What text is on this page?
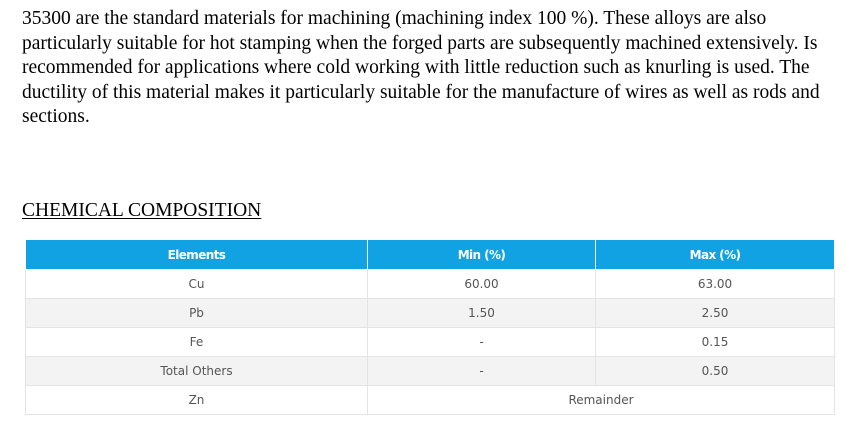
35300 are the standard materials for machining (machining index 100 %). These alloys are also particularly suitable for hot stamping when the forged parts are subsequently machined extensively. Is recommended for applications where cold working with little reduction such as knurling is used. The ductility of this material makes it particularly suitable for the manufacture of wires as well as rods and sections.

CHEMICAL COMPOSITION
Elements	Min (%)	Max (%)
Cu	60.00	63.00
Pb	1.50	2.50
Fe	-	0.15
Total Others	-	0.50
Zn	Remainder	
